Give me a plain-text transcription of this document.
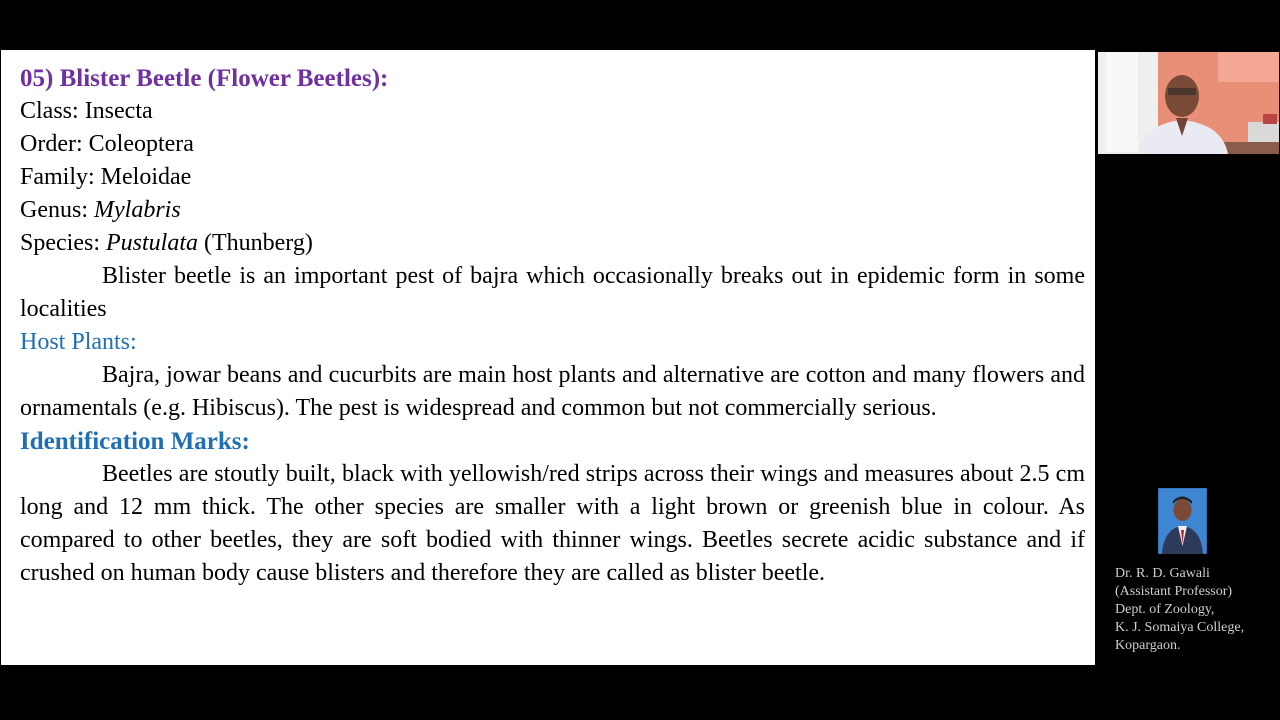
05) Blister Beetle (Flower Beetles):
Class: Insecta
Order: Coleoptera
Family: Meloidae
Genus: Mylabris
Species: Pustulata (Thunberg)
Blister beetle is an important pest of bajra which occasionally breaks out in epidemic form in some localities
Host Plants:
Bajra, jowar beans and cucurbits are main host plants and alternative are cotton and many flowers and ornamentals (e.g. Hibiscus). The pest is widespread and common but not commercially serious.
Identification Marks:
Beetles are stoutly built, black with yellowish/red strips across their wings and measures about 2.5 cm long and 12 mm thick. The other species are smaller with a light brown or greenish blue in colour. As compared to other beetles, they are soft bodied with thinner wings. Beetles secrete acidic substance and if crushed on human body cause blisters and therefore they are called as blister beetle.	Dr. R. D. Gawali
(Assistant Professor)
Dept. of Zoology,
K. J. Somaiya College,
Kopargaon.
